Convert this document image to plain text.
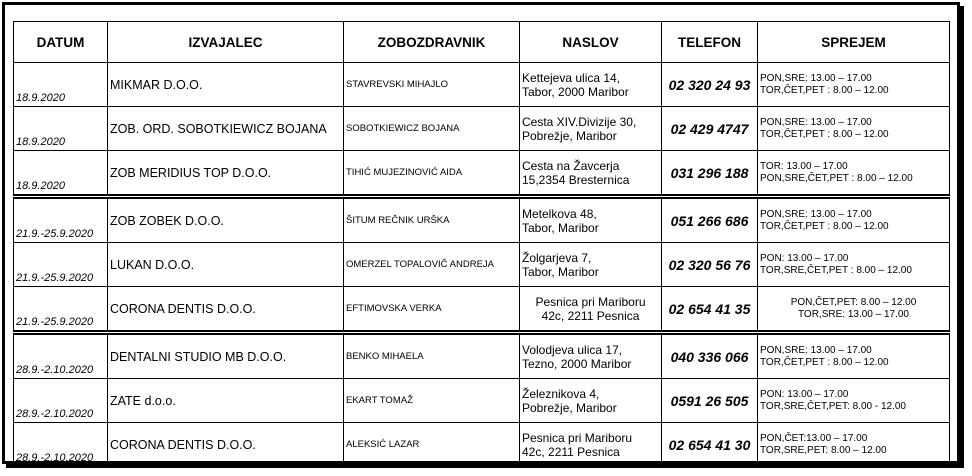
DATUM	IZVAJALEC	ZOBOZDRAVNIK	NASLOV	TELEFON	SPREJEM
18.9.2020	MIKMAR D.O.O.	STAVREVSKI MIHAJLO	Kettejeva ulica 14,
Tabor, 2000 Maribor	02 320 24 93	PON,SRE: 13.00 – 17.00
TOR,ČET,PET : 8.00 – 12.00
18.9.2020	ZOB. ORD. SOBOTKIEWICZ BOJANA	SOBOTKIEWICZ BOJANA	Cesta XIV.Divizije 30,
Pobrežje, Maribor	02 429 4747	PON,SRE: 13.00 – 17.00
TOR,ČET,PET : 8.00 – 12.00
18.9.2020	ZOB MERIDIUS TOP D.O.O.	TIHIĆ MUJEZINOVIĆ AIDA	Cesta na Žavcerja
15,2354 Bresternica	031 296 188	TOR: 13.00 – 17.00
PON,SRE,ČET,PET : 8.00 – 12.00
21.9.-25.9.2020	ZOB ZOBEK D.O.O.	ŠITUM REČNIK URŠKA	Metelkova 48,
Tabor, Maribor	051 266 686	PON,SRE: 13.00 – 17.00
TOR,ČET,PET : 8.00 – 12.00
21.9.-25.9.2020	LUKAN D.O.O.	OMERZEL TOPALOVIČ ANDREJA	Žolgarjeva 7,
Tabor, Maribor	02 320 56 76	PON: 13.00 – 17.00
TOR,SRE,ČET,PET : 8.00 – 12.00
21.9.-25.9.2020	CORONA DENTIS D.O.O.	EFTIMOVSKA VERKA	Pesnica pri Mariboru
42c, 2211 Pesnica	02 654 41 35	PON,ČET,PET: 8.00 – 12.00
TOR,SRE: 13.00 – 17.00
28.9.-2.10.2020	DENTALNI STUDIO MB D.O.O.	BENKO MIHAELA	Volodjeva ulica 17,
Tezno, 2000 Maribor	040 336 066	PON,SRE: 13.00 – 17.00
TOR,ČET,PET : 8.00 – 12.00
28.9.-2.10.2020	ZATE d.o.o.	EKART TOMAŽ	Železnikova 4,
Pobrežje, Maribor	0591 26 505	PON: 13.00 – 17.00
TOR,SRE,ČET,PET: 8.00 - 12.00
28.9.-2.10.2020	CORONA DENTIS D.O.O.	ALEKSIĆ LAZAR	Pesnica pri Mariboru
42c, 2211 Pesnica	02 654 41 30	PON,ČET:13.00 – 17.00
TOR,SRE,PET: 8.00 – 12.00
